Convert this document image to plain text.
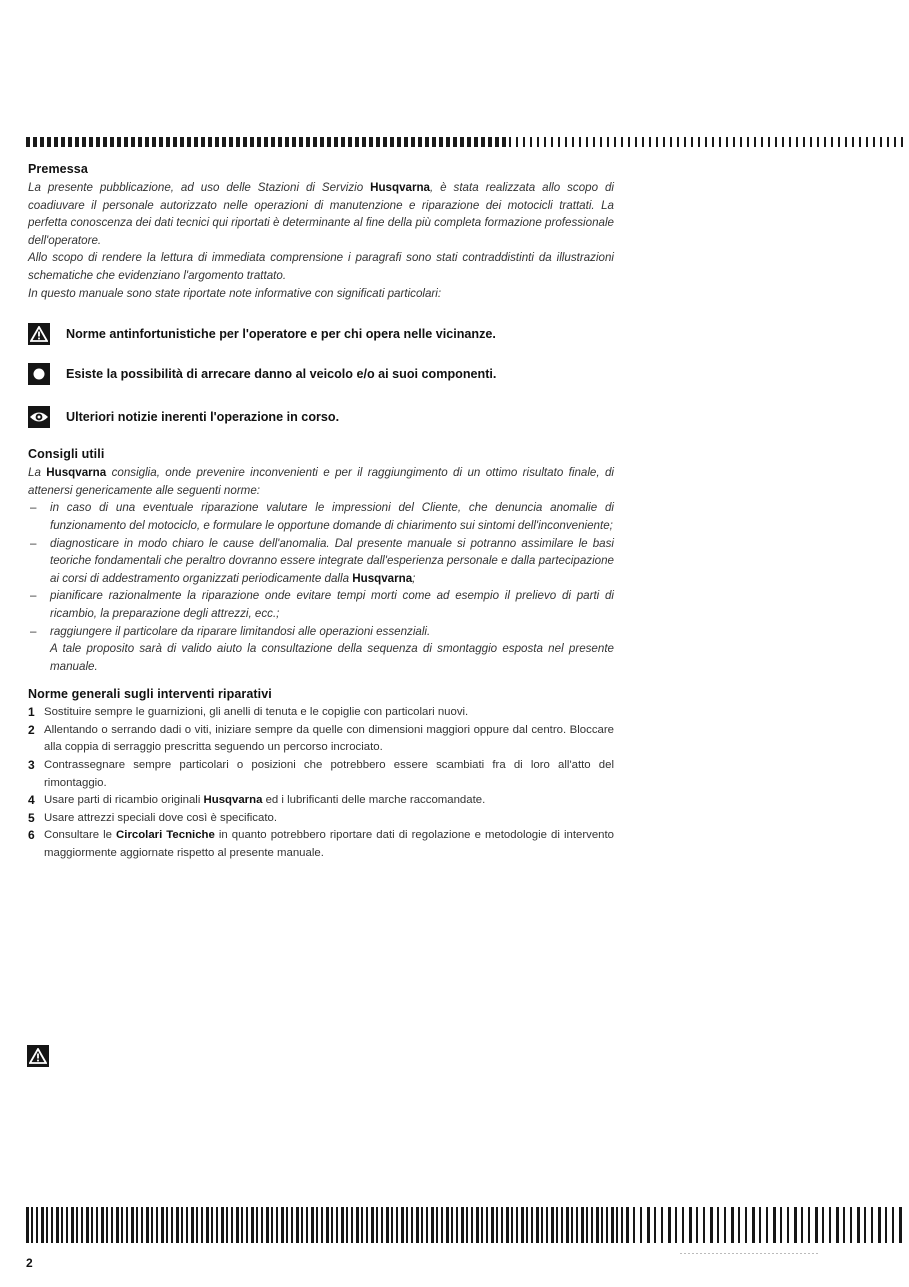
Premessa

La presente pubblicazione, ad uso delle Stazioni di Servizio Husqvarna, è stata realizzata allo scopo di coadiuvare il personale autorizzato nelle operazioni di manutenzione e riparazione dei motocicli trattati. La perfetta conoscenza dei dati tecnici qui riportati è determinante al fine della più completa formazione professionale dell'operatore.

Allo scopo di rendere la lettura di immediata comprensione i paragrafi sono stati contraddistinti da illustrazioni schematiche che evidenziano l'argomento trattato.

In questo manuale sono state riportate note informative con significati particolari:

Norme antinfortunistiche per l'operatore e per chi opera nelle vicinanze.
Esiste la possibilità di arrecare danno al veicolo e/o ai suoi componenti.
Ulteriori notizie inerenti l'operazione in corso.
Consigli utili

La Husqvarna consiglia, onde prevenire inconvenienti e per il raggiungimento di un ottimo risultato finale, di attenersi genericamente alle seguenti norme:

– in caso di una eventuale riparazione valutare le impressioni del Cliente, che denuncia anomalie di funzionamento del motociclo, e formulare le opportune domande di chiarimento sui sintomi dell'inconveniente;
– diagnosticare in modo chiaro le cause dell'anomalia. Dal presente manuale si potranno assimilare le basi teoriche fondamentali che peraltro dovranno essere integrate dall'esperienza personale e dalla partecipazione ai corsi di addestramento organizzati periodicamente dalla Husqvarna;
– pianificare razionalmente la riparazione onde evitare tempi morti come ad esempio il prelievo di parti di ricambio, la preparazione degli attrezzi, ecc.;
– raggiungere il particolare da riparare limitandosi alle operazioni essenziali.

A tale proposito sarà di valido aiuto la consultazione della sequenza di smontaggio esposta nel presente manuale.

Norme generali sugli interventi riparativi
1 Sostituire sempre le guarnizioni, gli anelli di tenuta e le copiglie con particolari nuovi.
2 Allentando o serrando dadi o viti, iniziare sempre da quelle con dimensioni maggiori oppure dal centro. Bloccare alla coppia di serraggio prescritta seguendo un percorso incrociato.
3 Contrassegnare sempre particolari o posizioni che potrebbero essere scambiati fra di loro all'atto del rimontaggio.
4 Usare parti di ricambio originali Husqvarna ed i lubrificanti delle marche raccomandate.
5 Usare attrezzi speciali dove così è specificato.
6 Consultare le Circolari Tecniche in quanto potrebbero riportare dati di regolazione e metodologie di intervento maggiormente aggiornate rispetto al presente manuale.
2
